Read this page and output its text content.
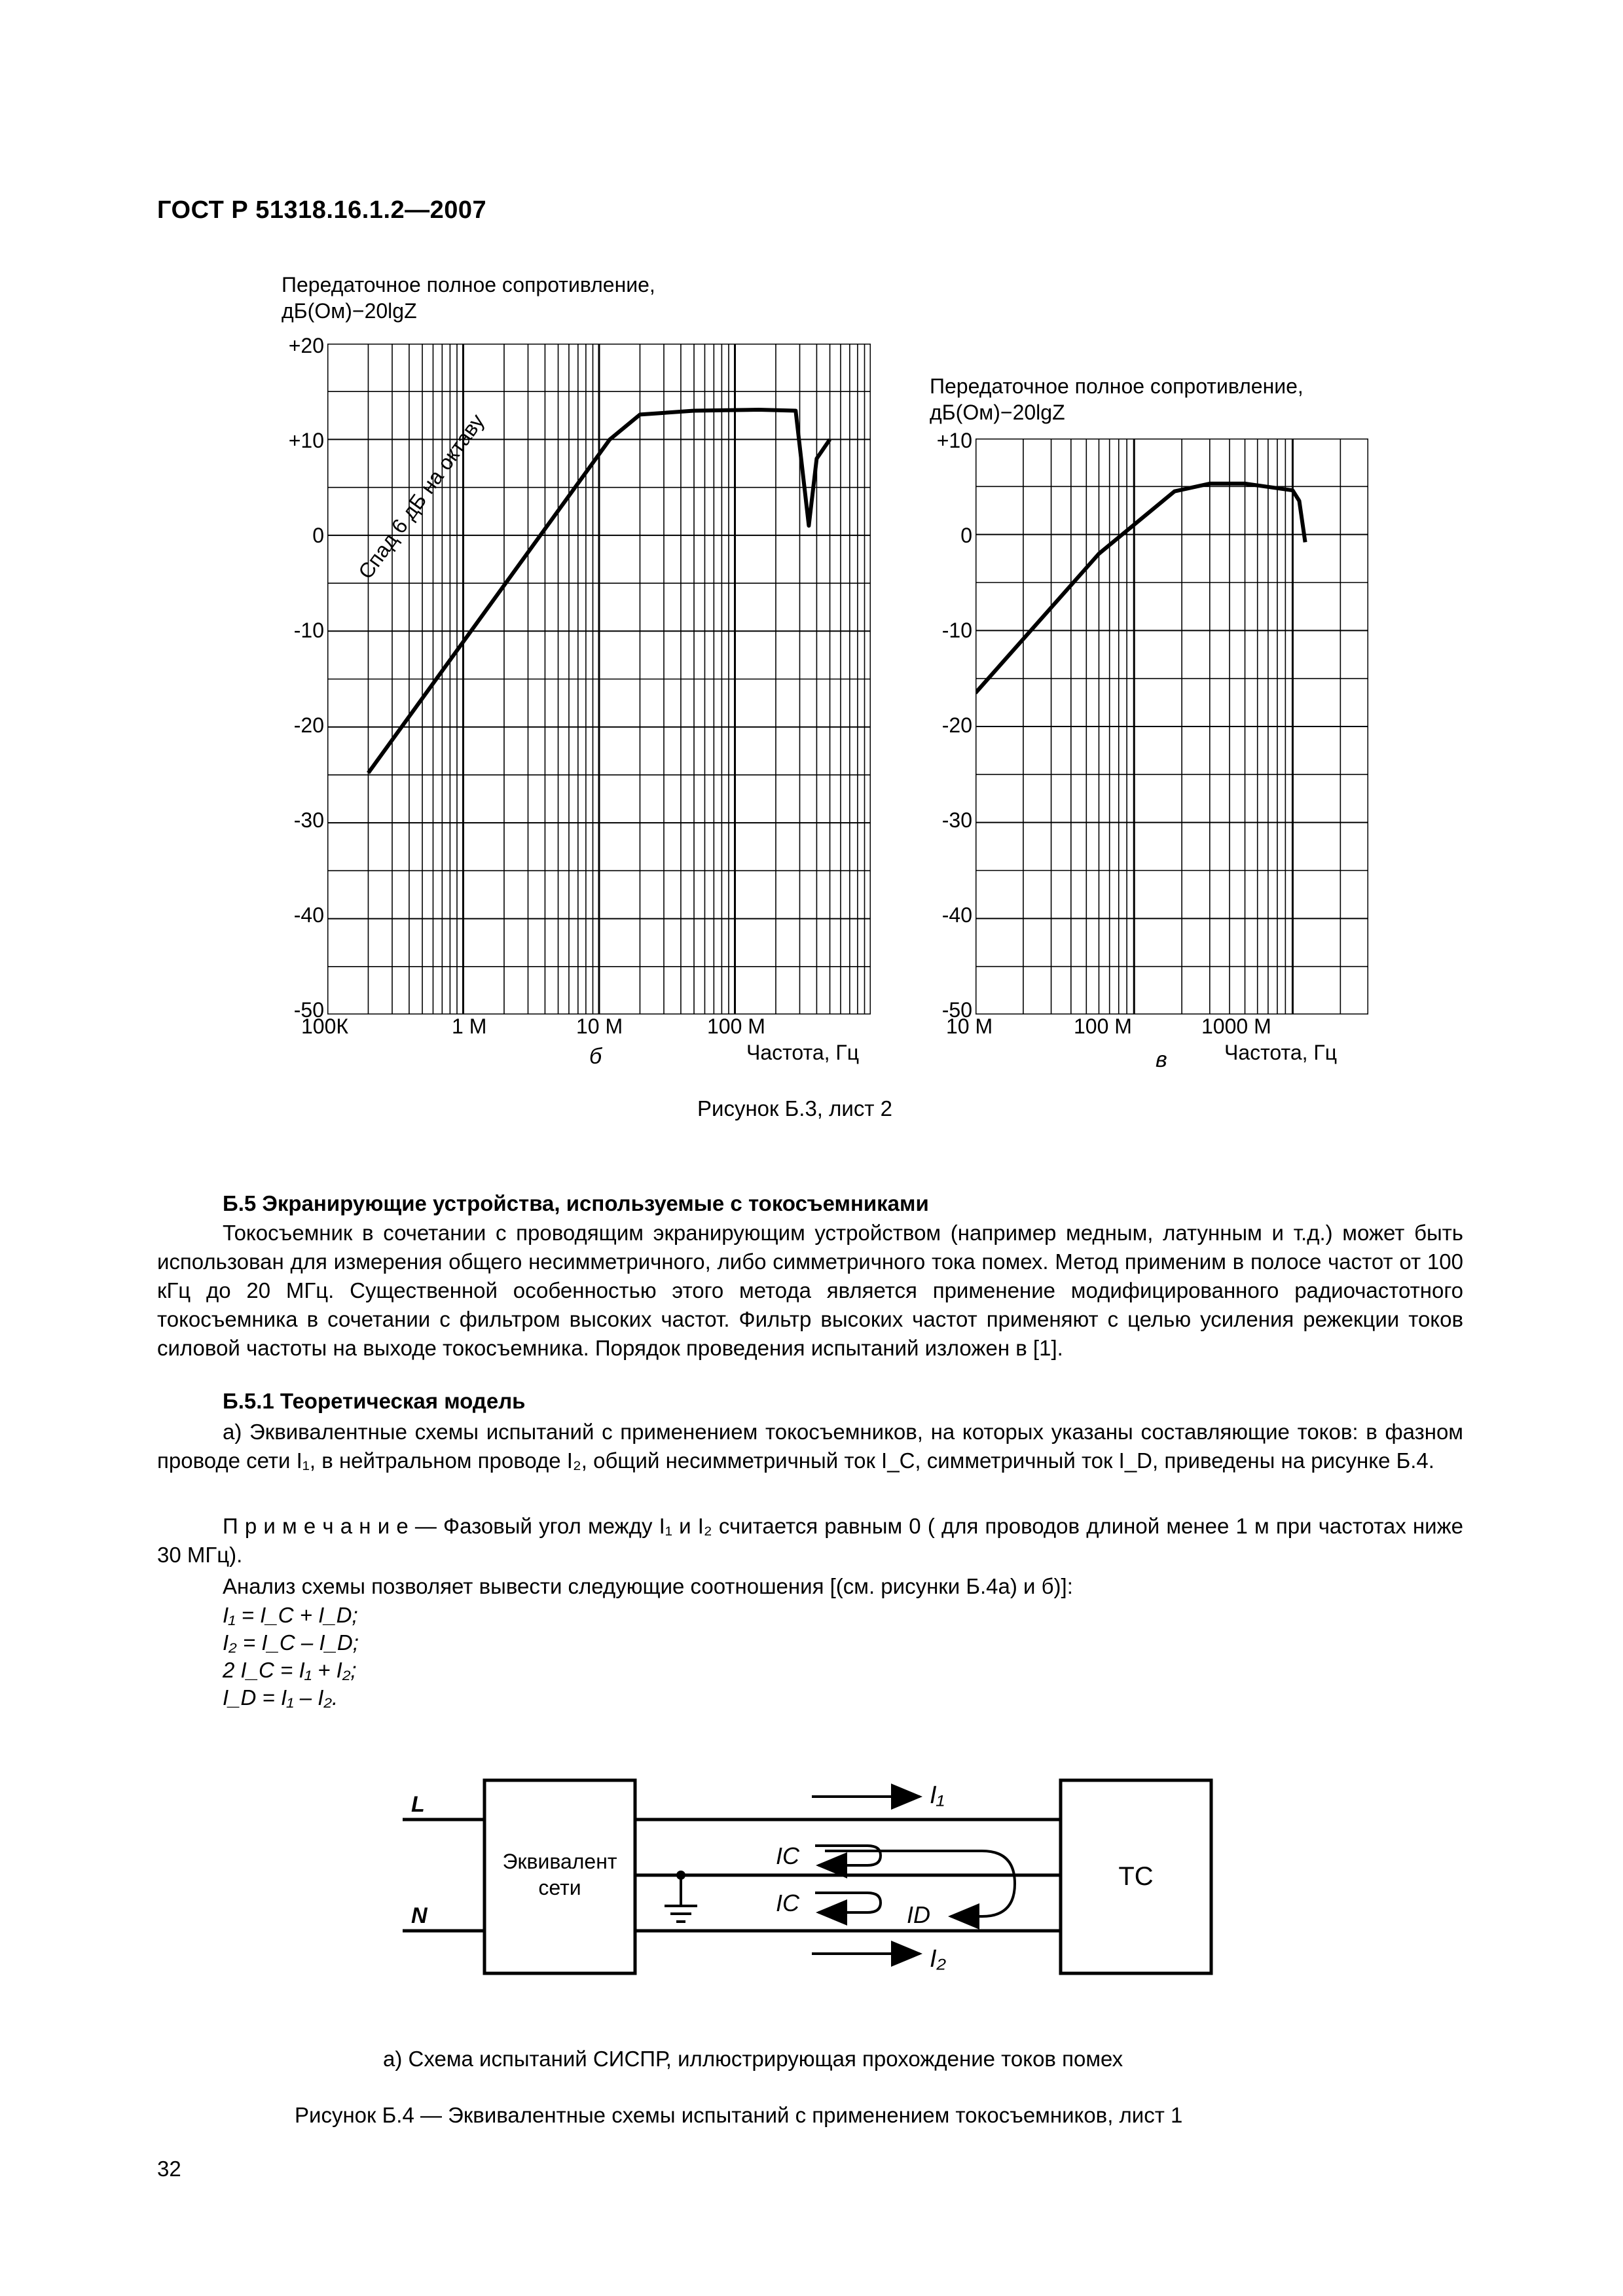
ГОСТ Р 51318.16.1.2—2007
Передаточное полное сопротивление,
дБ(Ом)−20lgZ
+20
+10
0
-10
-20
-30
-40
-50
Спад 6 дБ на октаву
100К	1 М	10 М	100 М
б	Частота, Гц
Передаточное полное сопротивление,
дБ(Ом)−20lgZ
+10
0
-10
-20
-30
-40
-50
10 М	100 М	1000 М
в	Частота, Гц
Рисунок Б.3, лист 2
Б.5 Экранирующие устройства, используемые с токосъемниками
Токосъемник в сочетании с проводящим экранирующим устройством (например медным, латунным и т.д.) может быть использован для измерения общего несимметричного, либо симметричного тока помех. Метод применим в полосе частот от 100 кГц до 20 МГц. Существенной особенностью этого метода является применение модифицированного радиочастотного токосъемника в сочетании с фильтром высоких частот. Фильтр высоких частот применяют с целью усиления режекции токов силовой частоты на выходе токосъемника. Порядок проведения испытаний изложен в [1].
Б.5.1 Теоретическая модель
а) Эквивалентные схемы испытаний с применением токосъемников, на которых указаны составляющие токов: в фазном проводе сети I₁, в нейтральном проводе I₂, общий несимметричный ток I_C, симметричный ток I_D, приведены на рисунке Б.4.
П р и м е ч а н и е — Фазовый угол между I₁ и I₂ считается равным 0 ( для проводов длиной менее 1 м при частотах ниже 30 МГц).
Анализ схемы позволяет вывести следующие соотношения [(см. рисунки Б.4а) и б)]:
I₁ = I_C + I_D;
I₂ = I_C – I_D;
2 I_C = I₁ + I₂;
I_D = I₁ – I₂.
L
N
Эквивалент
сети	ТС
I₁
I₂
IC
IC	ID
а) Схема испытаний СИСПР, иллюстрирующая прохождение токов помех
Рисунок Б.4 — Эквивалентные схемы испытаний с применением токосъемников, лист 1
32
